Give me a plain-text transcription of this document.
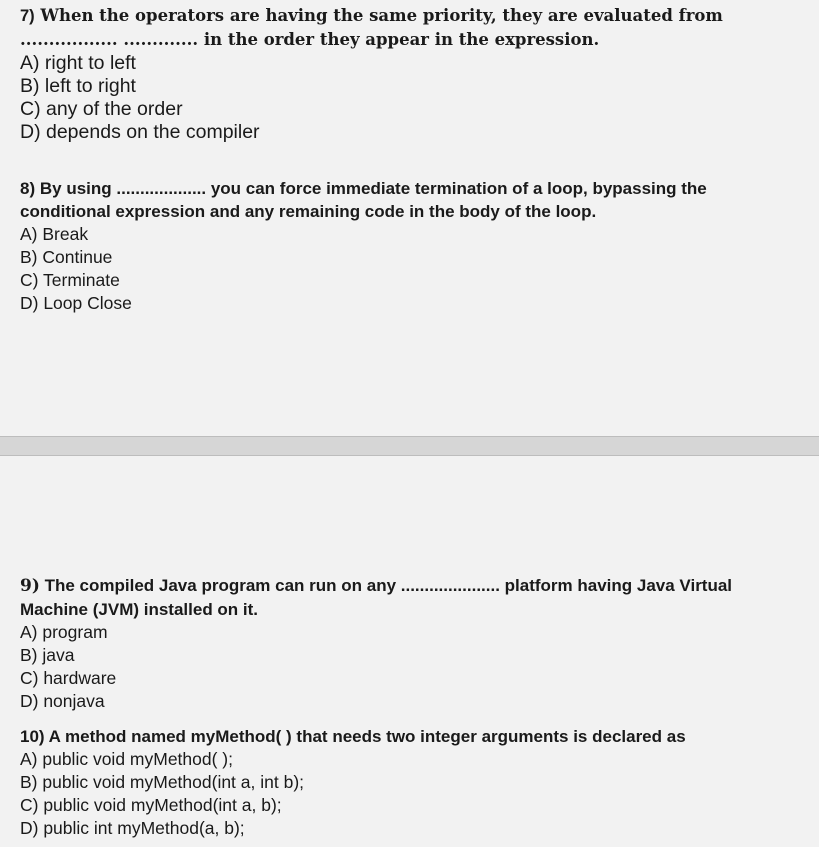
7) When the operators are having the same priority, they are evaluated from ................. ............. in the order they appear in the expression.

A) right to left
B) left to right
C) any of the order
D) depends on the compiler

8) By using ................... you can force immediate termination of a loop, bypassing the conditional expression and any remaining code in the body of the loop.

A) Break
B) Continue
C) Terminate
D) Loop Close

9) The compiled Java program can run on any ..................... platform having Java Virtual Machine (JVM) installed on it.

A) program
B) java
C) hardware
D) nonjava

10) A method named myMethod( ) that needs two integer arguments is declared as

A) public void myMethod( );
B) public void myMethod(int a, int b);
C) public void myMethod(int a, b);
D) public int myMethod(a, b);
